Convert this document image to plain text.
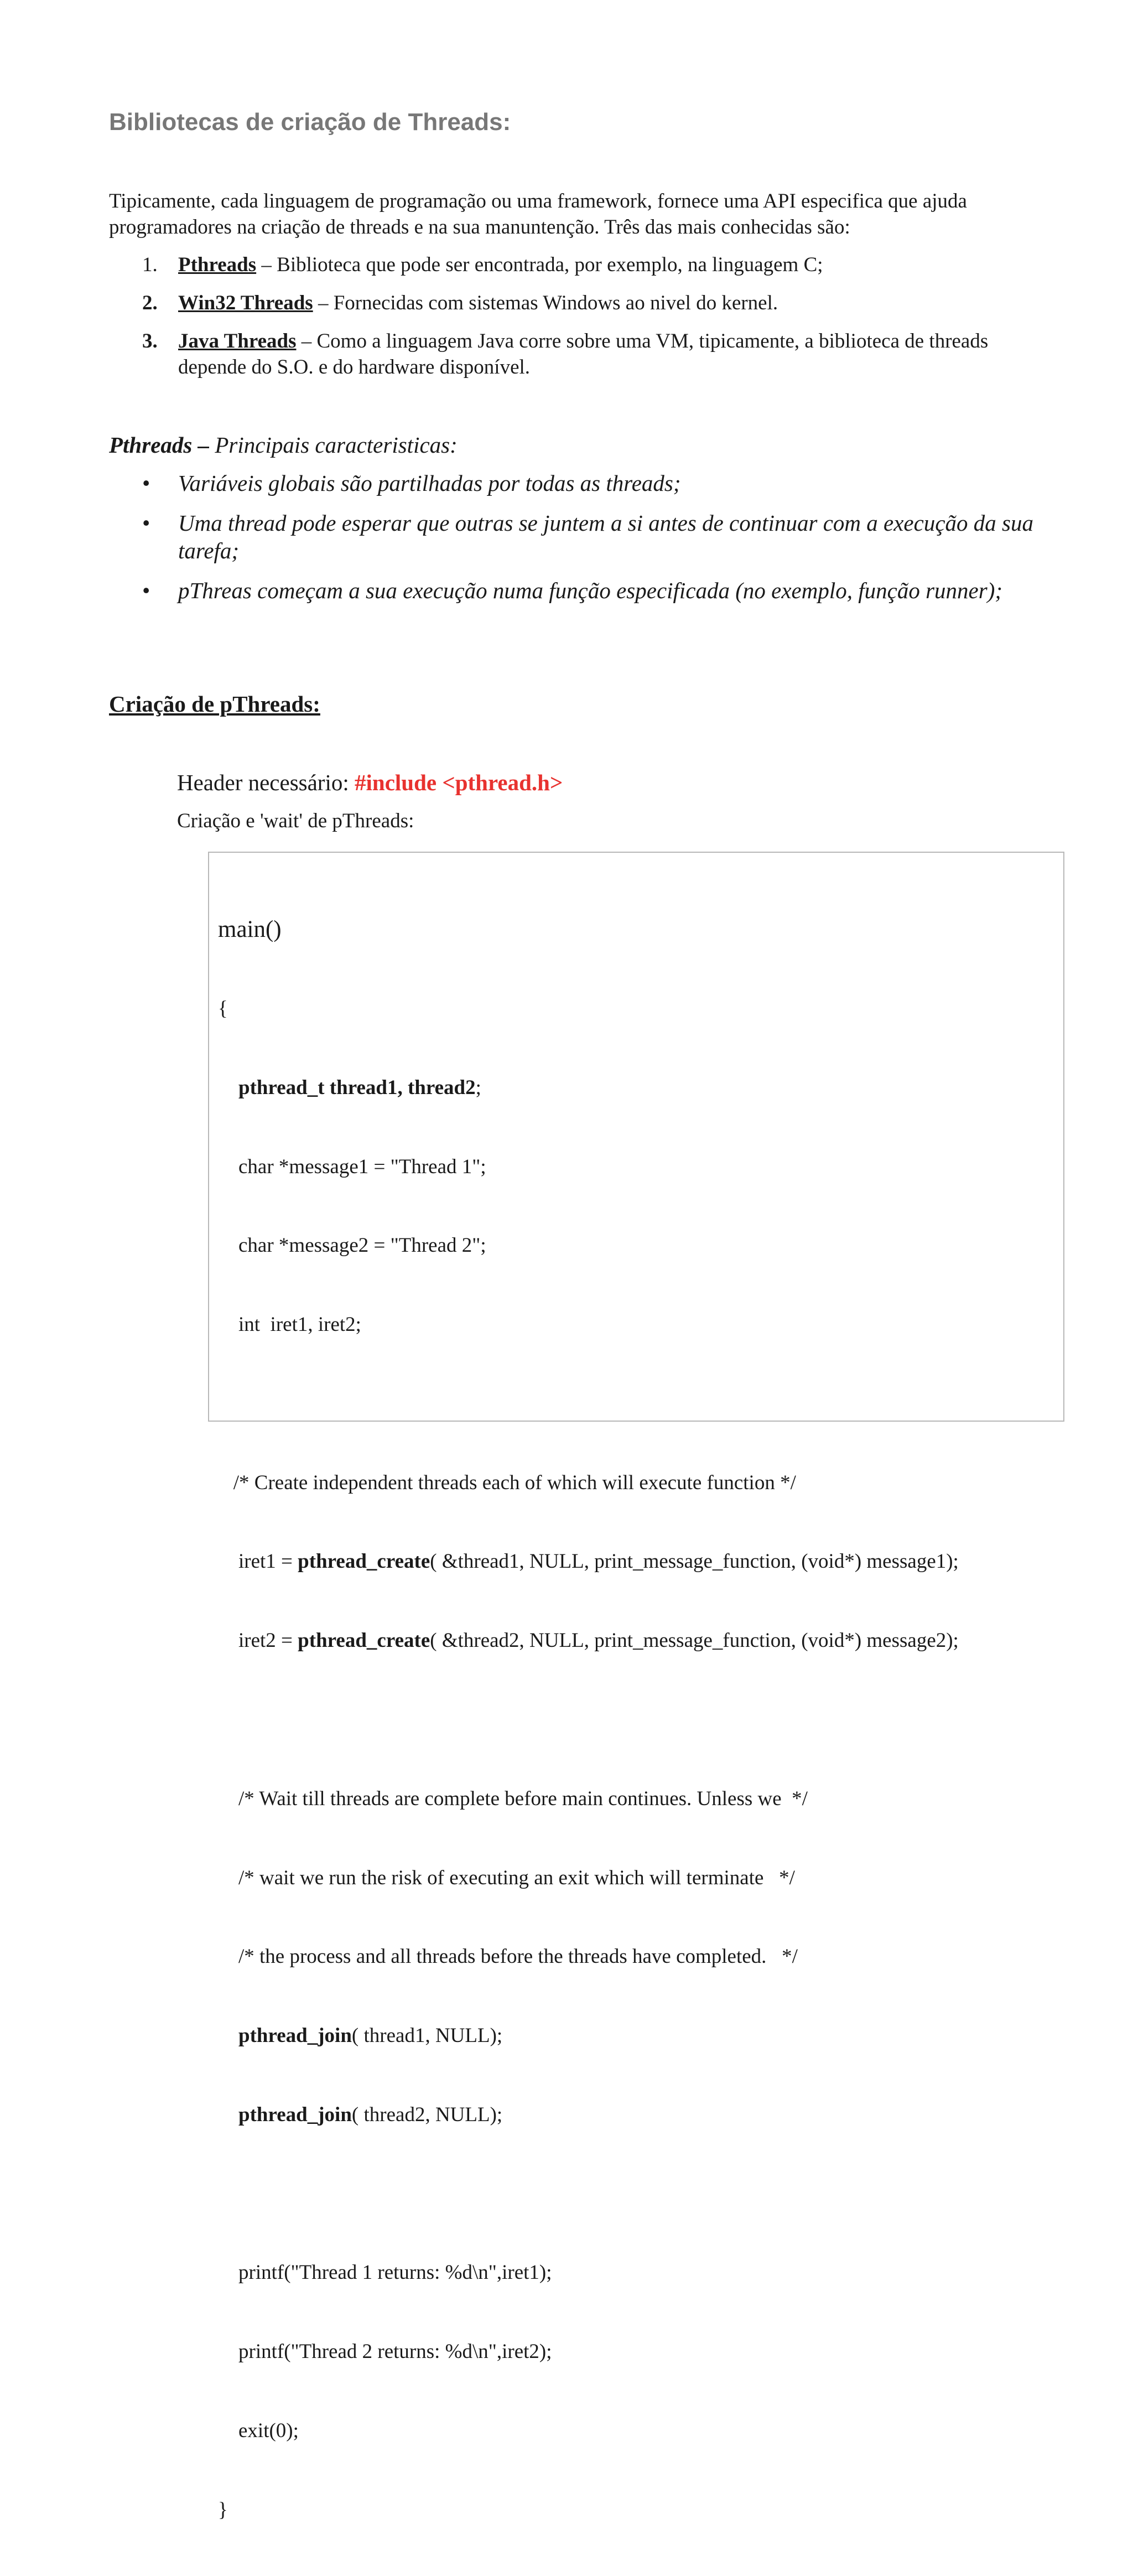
Bibliotecas de criação de Threads:

Tipicamente, cada linguagem de programação ou uma framework, fornece uma API especifica que ajuda programadores na criação de threads e na sua manuntenção. Três das mais conhecidas são:

1. Pthreads – Biblioteca que pode ser encontrada, por exemplo, na linguagem C;
2. Win32 Threads – Fornecidas com sistemas Windows ao nivel do kernel.
3. Java Threads – Como a linguagem Java corre sobre uma VM, tipicamente, a biblioteca de threads depende do S.O. e do hardware disponível.

Pthreads – Principais caracteristicas:

• Variáveis globais são partilhadas por todas as threads;
• Uma thread pode esperar que outras se juntem a si antes de continuar com a execução da sua tarefa;
• pThreas começam a sua execução numa função especificada (no exemplo, função runner);
Criação de pThreads:

Header necessário: #include <pthread.h>

Criação e 'wait' de pThreads:

main()

{

pthread_t thread1, thread2;

char *message1 = "Thread 1";

char *message2 = "Thread 2";

int  iret1, iret2;

/* Create independent threads each of which will execute function */

iret1 = pthread_create( &thread1, NULL, print_message_function, (void*) message1);

iret2 = pthread_create( &thread2, NULL, print_message_function, (void*) message2);

/* Wait till threads are complete before main continues. Unless we  */

/* wait we run the risk of executing an exit which will terminate   */

/* the process and all threads before the threads have completed.   */

pthread_join( thread1, NULL);

pthread_join( thread2, NULL);

printf("Thread 1 returns: %d\n",iret1);

printf("Thread 2 returns: %d\n",iret2);

exit(0);

}
